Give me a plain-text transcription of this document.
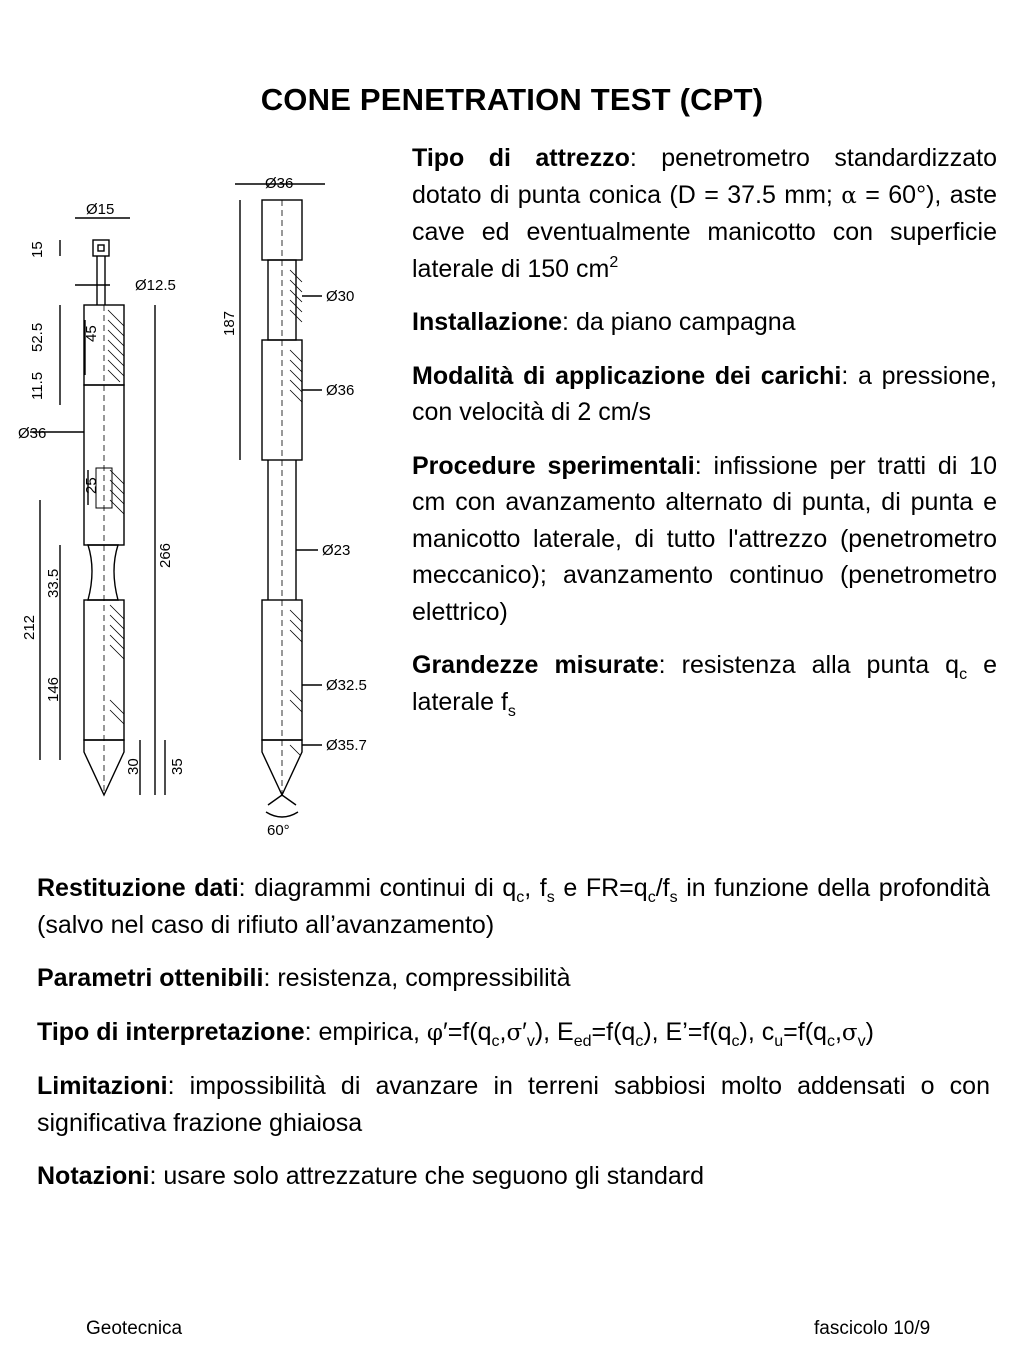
CONE PENETRATION TEST (CPT)
Ø15
Ø12.5
15
52.5 45
11.5
Ø36
25
266
33.5
212
146
30 35
Ø36
Ø30
187
Ø36
Ø23
Ø32.5
Ø35.7
60°
Tipo di attrezzo: penetrometro standardizzato dotato di punta conica (D = 37.5 mm; α = 60°), aste cave ed eventualmente manicotto con superficie laterale di 150 $cm^2$
Installazione: da piano campagna
Modalità di applicazione dei carichi: a pressione, con velocità di 2 cm/s
Procedure sperimentali: infissione per tratti di 10 cm con avanzamento alternato di punta, di punta e manicotto laterale, di tutto l'attrezzo (penetrometro meccanico); avanzamento continuo (penetrometro elettrico)
Grandezze misurate: resistenza alla punta $q_c$ e laterale $f_s$
Restituzione dati: diagrammi continui di $q_c$, $f_s$ e $FR=q_c/f_s$ in funzione della profondità (salvo nel caso di rifiuto all’avanzamento)
Parametri ottenibili: resistenza, compressibilità
Tipo di interpretazione: empirica, $\varphi'=f(q_c,\sigma'_v)$, $E_{ed}=f(q_c)$, $E’=f(q_c)$, $c_u=f(q_c,\sigma_v)$
Limitazioni: impossibilità di avanzare in terreni sabbiosi molto addensati o con significativa frazione ghiaiosa
Notazioni: usare solo attrezzature che seguono gli standard
Geotecnica	fascicolo 10/9
